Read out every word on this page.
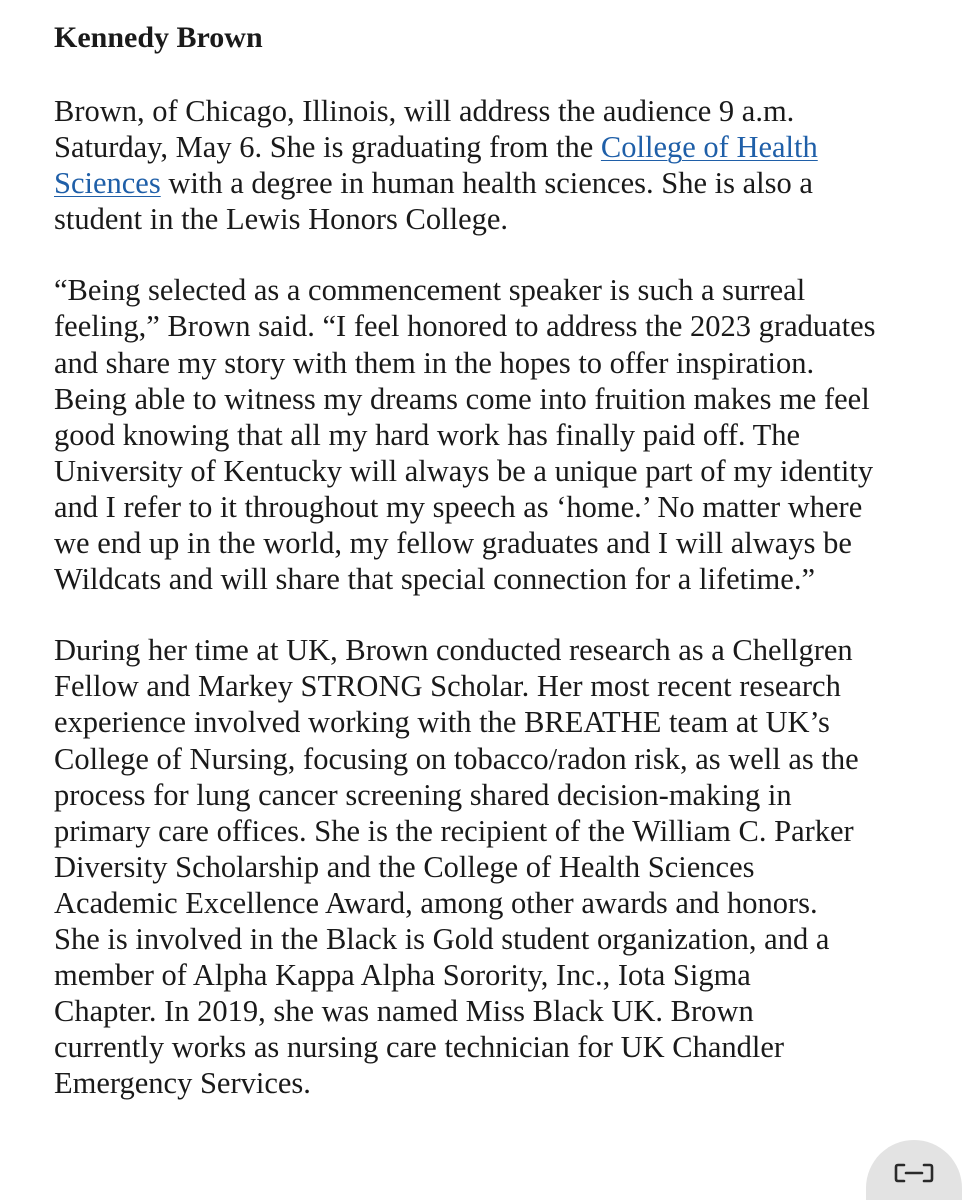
Kennedy Brown
Brown, of Chicago, Illinois, will address the audience 9 a.m.
Saturday, May 6. She is graduating from the College of Health
Sciences with a degree in human health sciences. She is also a
student in the Lewis Honors College.
“Being selected as a commencement speaker is such a surreal
feeling,” Brown said. “I feel honored to address the 2023 graduates
and share my story with them in the hopes to offer inspiration.
Being able to witness my dreams come into fruition makes me feel
good knowing that all my hard work has finally paid off. The
University of Kentucky will always be a unique part of my identity
and I refer to it throughout my speech as ‘home.’ No matter where
we end up in the world, my fellow graduates and I will always be
Wildcats and will share that special connection for a lifetime.”
During her time at UK, Brown conducted research as a Chellgren
Fellow and Markey STRONG Scholar. Her most recent research
experience involved working with the BREATHE team at UK’s
College of Nursing, focusing on tobacco/radon risk, as well as the
process for lung cancer screening shared decision-making in
primary care offices. She is the recipient of the William C. Parker
Diversity Scholarship and the College of Health Sciences
Academic Excellence Award, among other awards and honors.
She is involved in the Black is Gold student organization, and a
member of Alpha Kappa Alpha Sorority, Inc., Iota Sigma
Chapter. In 2019, she was named Miss Black UK. Brown
currently works as nursing care technician for UK Chandler
Emergency Services.
